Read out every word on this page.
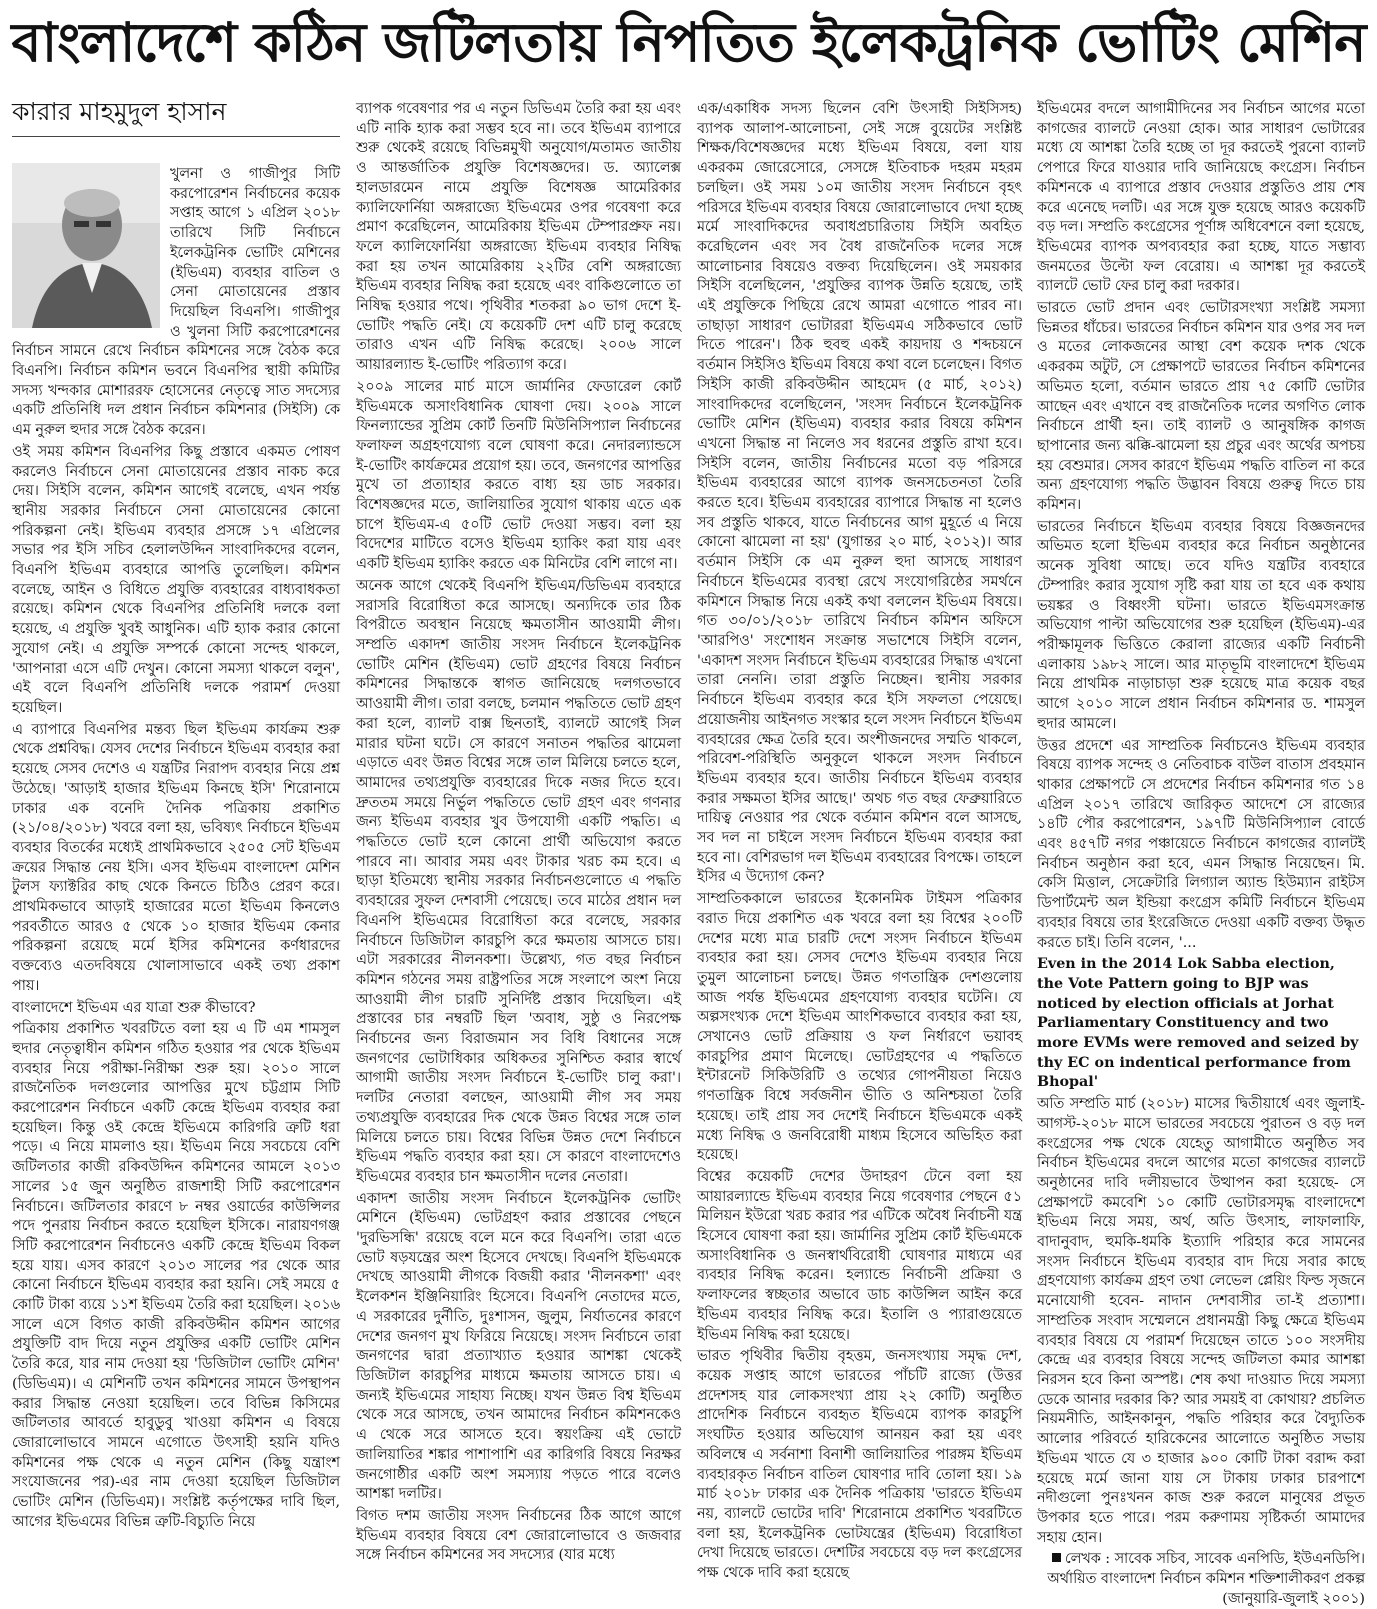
বাংলাদেশে কঠিন জটিলতায় নিপতিত ইলেকট্রনিক ভোটিং মেশিন
কারার মাহমুদুল হাসান

খুলনা ও গাজীপুর সিটি করপোরেশন নির্বাচনের কয়েক সপ্তাহ আগে ১ এপ্রিল ২০১৮ তারিখে সিটি নির্বাচনে ইলেকট্রনিক ভোটিং মেশিনের (ইভিএম) ব্যবহার বাতিল ও সেনা মোতায়েনের প্রস্তাব দিয়েছিল বিএনপি। গাজীপুর ও খুলনা সিটি করপোরেশনের নির্বাচন সামনে রেখে নির্বাচন কমিশনের সঙ্গে বৈঠক করে বিএনপি। নির্বাচন কমিশন ভবনে বিএনপির স্থায়ী কমিটির সদস্য খন্দকার মোশাররফ হোসেনের নেতৃত্বে সাত সদস্যের একটি প্রতিনিধি দল প্রধান নির্বাচন কমিশনার (সিইসি) কে এম নুরুল হুদার সঙ্গে বৈঠক করেন।

ওই সময় কমিশন বিএনপির কিছু প্রস্তাবে একমত পোষণ করলেও নির্বাচনে সেনা মোতায়েনের প্রস্তাব নাকচ করে দেয়। সিইসি বলেন, কমিশন আগেই বলেছে, এখন পর্যন্ত স্থানীয় সরকার নির্বাচনে সেনা মোতায়েনের কোনো পরিকল্পনা নেই। ইভিএম ব্যবহার প্রসঙ্গে ১৭ এপ্রিলের সভার পর ইসি সচিব হেলালউদ্দিন সাংবাদিকদের বলেন, বিএনপি ইভিএম ব্যবহারে আপত্তি তুলেছিল। কমিশন বলেছে, আইন ও বিধিতে প্রযুক্তি ব্যবহারের বাধ্যবাধকতা রয়েছে। কমিশন থেকে বিএনপির প্রতিনিধি দলকে বলা হয়েছে, এ প্রযুক্তি খুবই আধুনিক। এটি হ্যাক করার কোনো সুযোগ নেই। এ প্রযুক্তি সম্পর্কে কোনো সন্দেহ থাকলে, 'আপনারা এসে এটি দেখুন। কোনো সমস্যা থাকলে বলুন', এই বলে বিএনপি প্রতিনিধি দলকে পরামর্শ দেওয়া হয়েছিল।

এ ব্যাপারে বিএনপির মন্তব্য ছিল ইভিএম কার্যক্রম শুরু থেকে প্রশ্নবিদ্ধ। যেসব দেশের নির্বাচনে ইভিএম ব্যবহার করা হয়েছে সেসব দেশেও এ যন্ত্রটির নিরাপদ ব্যবহার নিয়ে প্রশ্ন উঠেছে। 'আড়াই হাজার ইভিএম কিনছে ইসি' শিরোনামে ঢাকার এক বনেদি দৈনিক পত্রিকায় প্রকাশিত (২১/০৪/২০১৮) খবরে বলা হয়, ভবিষ্যৎ নির্বাচনে ইভিএম ব্যবহার বিতর্কের মধ্যেই প্রাথমিকভাবে ২৫০৫ সেট ইভিএম ক্রয়ের সিদ্ধান্ত নেয় ইসি। এসব ইভিএম বাংলাদেশ মেশিন টুলস ফ্যাক্টরির কাছ থেকে কিনতে চিঠিও প্রেরণ করে। প্রাথমিকভাবে আড়াই হাজারের মতো ইভিএম কিনলেও পরবর্তীতে আরও ৫ থেকে ১০ হাজার ইভিএম কেনার পরিকল্পনা রয়েছে মর্মে ইসির কমিশনের কর্ণধারদের বক্তব্যেও এতদবিষয়ে খোলাসাভাবে একই তথ্য প্রকাশ পায়।

বাংলাদেশে ইভিএম এর যাত্রা শুরু কীভাবে?

পত্রিকায় প্রকাশিত খবরটিতে বলা হয় এ টি এম শামসুল হুদার নেতৃত্বাধীন কমিশন গঠিত হওয়ার পর থেকে ইভিএম ব্যবহার নিয়ে পরীক্ষা-নিরীক্ষা শুরু হয়। ২০১০ সালে রাজনৈতিক দলগুলোর আপত্তির মুখে চট্টগ্রাম সিটি করপোরেশন নির্বাচনে একটি কেন্দ্রে ইভিএম ব্যবহার করা হয়েছিল। কিন্তু ওই কেন্দ্রে ইভিএমে কারিগরি ত্রুটি ধরা পড়ে। এ নিয়ে মামলাও হয়। ইভিএম নিয়ে সবচেয়ে বেশি জটিলতার কাজী রকিবউদ্দিন কমিশনের আমলে ২০১৩ সালের ১৫ জুন অনুষ্ঠিত রাজশাহী সিটি করপোরেশন নির্বাচনে। জটিলতার কারণে ৮ নম্বর ওয়ার্ডের কাউন্সিলর পদে পুনরায় নির্বাচন করতে হয়েছিল ইসিকে। নারায়ণগঞ্জ সিটি করপোরেশন নির্বাচনেও একটি কেন্দ্রে ইভিএম বিকল হয়ে যায়। এসব কারণে ২০১৩ সালের পর থেকে আর কোনো নির্বাচনে ইভিএম ব্যবহার করা হয়নি। সেই সময়ে ৫ কোটি টাকা ব্যয়ে ১১শ ইভিএম তৈরি করা হয়েছিল। ২০১৬ সালে এসে বিগত কাজী রকিবউদ্দীন কমিশন আগের প্রযুক্তিটি বাদ দিয়ে নতুন প্রযুক্তির একটি ভোটিং মেশিন তৈরি করে, যার নাম দেওয়া হয় 'ডিজিটাল ভোটিং মেশিন' (ডিভিএম)। এ মেশিনটি তখন কমিশনের সামনে উপস্থাপন করার সিদ্ধান্ত নেওয়া হয়েছিল। তবে বিভিন্ন কিসিমের জটিলতার আবর্তে হাবুডুবু খাওয়া কমিশন এ বিষয়ে জোরালোভাবে সামনে এগোতে উৎসাহী হয়নি যদিও কমিশনের পক্ষ থেকে এ নতুন মেশিন (কিছু যন্ত্রাংশ সংযোজনের পর)-এর নাম দেওয়া হয়েছিল ডিজিটাল ভোটিং মেশিন (ডিভিএম)। সংশ্লিষ্ট কর্তৃপক্ষের দাবি ছিল, আগের ইভিএমের বিভিন্ন ত্রুটি-বিচ্যুতি নিয়ে

ব্যাপক গবেষণার পর এ নতুন ডিভিএম তৈরি করা হয় এবং এটি নাকি হ্যাক করা সম্ভব হবে না। তবে ইভিএম ব্যাপারে শুরু থেকেই রয়েছে বিভিন্নমুখী অনুযোগ/মতামত জাতীয় ও আন্তর্জাতিক প্রযুক্তি বিশেষজ্ঞদের। ড. অ্যালেক্স হালডারমেন নামে প্রযুক্তি বিশেষজ্ঞ আমেরিকার ক্যালিফোর্নিয়া অঙ্গরাজ্যে ইভিএমের ওপর গবেষণা করে প্রমাণ করেছিলেন, আমেরিকায় ইভিএম টেম্পারপ্রুফ নয়। ফলে ক্যালিফোর্নিয়া অঙ্গরাজ্যে ইভিএম ব্যবহার নিষিদ্ধ করা হয় তখন আমেরিকায় ২২টির বেশি অঙ্গরাজ্যে ইভিএম ব্যবহার নিষিদ্ধ করা হয়েছে এবং বাকিগুলোতে তা নিষিদ্ধ হওয়ার পথে। পৃথিবীর শতকরা ৯০ ভাগ দেশে ই-ভোটিং পদ্ধতি নেই। যে কয়েকটি দেশ এটি চালু করেছে তারাও এখন এটি নিষিদ্ধ করেছে। ২০০৬ সালে আয়ারল্যান্ড ই-ভোটিং পরিত্যাগ করে।

২০০৯ সালের মার্চ মাসে জার্মানির ফেডারেল কোর্ট ইভিএমকে অসাংবিধানিক ঘোষণা দেয়। ২০০৯ সালে ফিনল্যান্ডের সুপ্রিম কোর্ট তিনটি মিউনিসিপ্যাল নির্বাচনের ফলাফল অগ্রহণযোগ্য বলে ঘোষণা করে। নেদারল্যান্ডসে ই-ভোটিং কার্যক্রমের প্রয়োগ হয়। তবে, জনগণের আপত্তির মুখে তা প্রত্যাহার করতে বাধ্য হয় ডাচ সরকার। বিশেষজ্ঞদের মতে, জালিয়াতির সুযোগ থাকায় এতে এক চাপে ইভিএম-এ ৫০টি ভোট দেওয়া সম্ভব। বলা হয় বিদেশের মাটিতে বসেও ইভিএম হ্যাকিং করা যায় এবং একটি ইভিএম হ্যাকিং করতে এক মিনিটের বেশি লাগে না।

অনেক আগে থেকেই বিএনপি ইভিএম/ডিভিএম ব্যবহারে সরাসরি বিরোধিতা করে আসছে। অন্যদিকে তার ঠিক বিপরীতে অবস্থান নিয়েছে ক্ষমতাসীন আওয়ামী লীগ। সম্প্রতি একাদশ জাতীয় সংসদ নির্বাচনে ইলেকট্রনিক ভোটিং মেশিন (ইভিএম) ভোট গ্রহণের বিষয়ে নির্বাচন কমিশনের সিদ্ধান্তকে স্বাগত জানিয়েছে দলগতভাবে আওয়ামী লীগ। তারা বলছে, চলমান পদ্ধতিতে ভোট গ্রহণ করা হলে, ব্যালট বাক্স ছিনতাই, ব্যালটে আগেই সিল মারার ঘটনা ঘটে। সে কারণে সনাতন পদ্ধতির ঝামেলা এড়াতে এবং উন্নত বিশ্বের সঙ্গে তাল মিলিয়ে চলতে হলে, আমাদের তথ্যপ্রযুক্তি ব্যবহারের দিকে নজর দিতে হবে। দ্রুততম সময়ে নির্ভুল পদ্ধতিতে ভোট গ্রহণ এবং গণনার জন্য ইভিএম ব্যবহার খুব উপযোগী একটি পদ্ধতি। এ পদ্ধতিতে ভোট হলে কোনো প্রার্থী অভিযোগ করতে পারবে না। আবার সময় এবং টাকার খরচ কম হবে। এ ছাড়া ইতিমধ্যে স্থানীয় সরকার নির্বাচনগুলোতে এ পদ্ধতি ব্যবহারের সুফল দেশবাসী পেয়েছে। তবে মাঠের প্রধান দল বিএনপি ইভিএমের বিরোধিতা করে বলেছে, সরকার নির্বাচনে ডিজিটাল কারচুপি করে ক্ষমতায় আসতে চায়। এটা সরকারের নীলনকশা। উল্লেখ্য, গত বছর নির্বাচন কমিশন গঠনের সময় রাষ্ট্রপতির সঙ্গে সংলাপে অংশ নিয়ে আওয়ামী লীগ চারটি সুনির্দিষ্ট প্রস্তাব দিয়েছিল। এই প্রস্তাবের চার নম্বরটি ছিল 'অবাধ, সুষ্ঠু ও নিরপেক্ষ নির্বাচনের জন্য বিরাজমান সব বিধি বিধানের সঙ্গে জনগণের ভোটাধিকার অধিকতর সুনিশ্চিত করার স্বার্থে আগামী জাতীয় সংসদ নির্বাচনে ই-ভোটিং চালু করা'। দলটির নেতারা বলছেন, আওয়ামী লীগ সব সময় তথ্যপ্রযুক্তি ব্যবহারের দিক থেকে উন্নত বিশ্বের সঙ্গে তাল মিলিয়ে চলতে চায়। বিশ্বের বিভিন্ন উন্নত দেশে নির্বাচনে ইভিএম পদ্ধতি ব্যবহার করা হয়। সে কারণে বাংলাদেশেও ইভিএমের ব্যবহার চান ক্ষমতাসীন দলের নেতারা।

একাদশ জাতীয় সংসদ নির্বাচনে ইলেকট্রনিক ভোটিং মেশিনে (ইভিএম) ভোটগ্রহণ করার প্রস্তাবের পেছনে 'দুরভিসন্ধি' রয়েছে বলে মনে করে বিএনপি। তারা এতে ভোট ষড়যন্ত্রের অংশ হিসেবে দেখছে। বিএনপি ইভিএমকে দেখছে আওয়ামী লীগকে বিজয়ী করার 'নীলনকশা' এবং ইলেকশন ইঞ্জিনিয়ারিং হিসেবে। বিএনপি নেতাদের মতে, এ সরকারের দুর্নীতি, দুঃশাসন, জুলুম, নির্যাতনের কারণে দেশের জনগণ মুখ ফিরিয়ে নিয়েছে। সংসদ নির্বাচনে তারা জনগণের দ্বারা প্রত্যাখ্যাত হওয়ার আশঙ্কা থেকেই ডিজিটাল কারচুপির মাধ্যমে ক্ষমতায় আসতে চায়। এ জন্যই ইভিএমের সাহায্য নিচ্ছে। যখন উন্নত বিশ্ব ইভিএম থেকে সরে আসছে, তখন আমাদের নির্বাচন কমিশনকেও এ থেকে সরে আসতে হবে। স্বয়ংক্রিয় এই ভোটে জালিয়াতির শঙ্কার পাশাপাশি এর কারিগরি বিষয়ে নিরক্ষর জনগোষ্ঠীর একটি অংশ সমস্যায় পড়তে পারে বলেও আশঙ্কা দলটির।

বিগত দশম জাতীয় সংসদ নির্বাচনের ঠিক আগে আগে ইভিএম ব্যবহার বিষয়ে বেশ জোরালোভাবে ও জজবার সঙ্গে নির্বাচন কমিশনের সব সদস্যের (যার মধ্যে

এক/একাধিক সদস্য ছিলেন বেশি উৎসাহী সিইসিসহ) ব্যাপক আলাপ-আলোচনা, সেই সঙ্গে বুয়েটের সংশ্লিষ্ট শিক্ষক/বিশেষজ্ঞদের মধ্যে ইভিএম বিষয়ে, বলা যায় একরকম জোরেসোরে, সেসঙ্গে ইতিবাচক দহরম মহরম চলছিল। ওই সময় ১০ম জাতীয় সংসদ নির্বাচনে বৃহৎ পরিসরে ইভিএম ব্যবহার বিষয়ে জোরালোভাবে দেখা হচ্ছে মর্মে সাংবাদিকদের অবাধপ্রচারিতায় সিইসি অবহিত করেছিলেন এবং সব বৈধ রাজনৈতিক দলের সঙ্গে আলোচনার বিষয়েও বক্তব্য দিয়েছিলেন। ওই সময়কার সিইসি বলেছিলেন, 'প্রযুক্তির ব্যাপক উন্নতি হয়েছে, তাই এই প্রযুক্তিকে পিছিয়ে রেখে আমরা এগোতে পারব না। তাছাড়া সাধারণ ভোটাররা ইভিএমএ সঠিকভাবে ভোট দিতে পারেন'। ঠিক হুবহু একই কায়দায় ও শব্দচয়নে বর্তমান সিইসিও ইভিএম বিষয়ে কথা বলে চলেছেন। বিগত সিইসি কাজী রকিবউদ্দীন আহমেদ (৫ মার্চ, ২০১২) সাংবাদিকদের বলেছিলেন, 'সংসদ নির্বাচনে ইলেকট্রনিক ভোটিং মেশিন (ইভিএম) ব্যবহার করার বিষয়ে কমিশন এখনো সিদ্ধান্ত না নিলেও সব ধরনের প্রস্তুতি রাখা হবে। সিইসি বলেন, জাতীয় নির্বাচনের মতো বড় পরিসরে ইভিএম ব্যবহারের আগে ব্যাপক জনসচেতনতা তৈরি করতে হবে। ইভিএম ব্যবহারের ব্যাপারে সিদ্ধান্ত না হলেও সব প্রস্তুতি থাকবে, যাতে নির্বাচনের আগ মুহূর্তে এ নিয়ে কোনো ঝামেলা না হয়' (যুগান্তর ২০ মার্চ, ২০১২)। আর বর্তমান সিইসি কে এম নুরুল হুদা আসছে সাধারণ নির্বাচনে ইভিএমের ব্যবস্থা রেখে সংযোগরিষ্ঠের সমর্থনে কমিশনে সিদ্ধান্ত নিয়ে একই কথা বললেন ইভিএম বিষয়ে। গত ৩০/০১/২০১৮ তারিখে নির্বাচন কমিশন অফিসে 'আরপিও' সংশোধন সংক্রান্ত সভাশেষে সিইসি বলেন, 'একাদশ সংসদ নির্বাচনে ইভিএম ব্যবহারের সিদ্ধান্ত এখনো তারা নেননি। তারা প্রস্তুতি নিচ্ছেন। স্থানীয় সরকার নির্বাচনে ইভিএম ব্যবহার করে ইসি সফলতা পেয়েছে। প্রয়োজনীয় আইনগত সংস্কার হলে সংসদ নির্বাচনে ইভিএম ব্যবহারের ক্ষেত্র তৈরি হবে। অংশীজনদের সম্মতি থাকলে, পরিবেশ-পরিস্থিতি অনুকূলে থাকলে সংসদ নির্বাচনে ইভিএম ব্যবহার হবে। জাতীয় নির্বাচনে ইভিএম ব্যবহার করার সক্ষমতা ইসির আছে।' অথচ গত বছর ফেব্রুয়ারিতে দায়িত্ব নেওয়ার পর থেকে বর্তমান কমিশন বলে আসছে, সব দল না চাইলে সংসদ নির্বাচনে ইভিএম ব্যবহার করা হবে না। বেশিরভাগ দল ইভিএম ব্যবহারের বিপক্ষে। তাহলে ইসির এ উদ্যোগ কেন?

সাম্প্রতিককালে ভারতের ইকোনমিক টাইমস পত্রিকার বরাত দিয়ে প্রকাশিত এক খবরে বলা হয় বিশ্বের ২০০টি দেশের মধ্যে মাত্র চারটি দেশে সংসদ নির্বাচনে ইভিএম ব্যবহার করা হয়। সেসব দেশেও ইভিএম ব্যবহার নিয়ে তুমুল আলোচনা চলছে। উন্নত গণতান্ত্রিক দেশগুলোয় আজ পর্যন্ত ইভিএমের গ্রহণযোগ্য ব্যবহার ঘটেনি। যে অল্পসংখ্যক দেশে ইভিএম আংশিকভাবে ব্যবহার করা হয়, সেখানেও ভোট প্রক্রিয়ায় ও ফল নির্ধারণে ভয়াবহ কারচুপির প্রমাণ মিলেছে। ভোটগ্রহণের এ পদ্ধতিতে ইন্টারনেট সিকিউরিটি ও তথ্যের গোপনীয়তা নিয়েও গণতান্ত্রিক বিশ্বে সর্বজনীন ভীতি ও অনিশ্চয়তা তৈরি হয়েছে। তাই প্রায় সব দেশেই নির্বাচনে ইভিএমকে একই মধ্যে নিষিদ্ধ ও জনবিরোধী মাধ্যম হিসেবে অভিহিত করা হয়েছে।

বিশ্বের কয়েকটি দেশের উদাহরণ টেনে বলা হয় আয়ারল্যান্ডে ইভিএম ব্যবহার নিয়ে গবেষণার পেছনে ৫১ মিলিয়ন ইউরো খরচ করার পর এটিকে অবৈধ নির্বাচনী যন্ত্র হিসেবে ঘোষণা করা হয়। জার্মানির সুপ্রিম কোর্ট ইভিএমকে অসাংবিধানিক ও জনস্বার্থবিরোধী ঘোষণার মাধ্যমে এর ব্যবহার নিষিদ্ধ করেন। হল্যান্ডে নির্বাচনী প্রক্রিয়া ও ফলাফলের স্বচ্ছতার অভাবে ডাচ কাউন্সিল আইন করে ইভিএম ব্যবহার নিষিদ্ধ করে। ইতালি ও প্যারাগুয়েতে ইভিএম নিষিদ্ধ করা হয়েছে।

ভারত পৃথিবীর দ্বিতীয় বৃহত্তম, জনসংখ্যায় সমৃদ্ধ দেশ, কয়েক সপ্তাহ আগে ভারতের পাঁচটি রাজ্যে (উত্তর প্রদেশসহ যার লোকসংখ্যা প্রায় ২২ কোটি) অনুষ্ঠিত প্রাদেশিক নির্বাচনে ব্যবহৃত ইভিএমে ব্যাপক কারচুপি সংঘটিত হওয়ার অভিযোগ আনয়ন করা হয় এবং অবিলম্বে এ সর্বনাশা বিনাশী জালিয়াতির পারঙ্গম ইভিএম ব্যবহারকৃত নির্বাচন বাতিল ঘোষণার দাবি তোলা হয়। ১৯ মার্চ ২০১৮ ঢাকার এক দৈনিক পত্রিকায় 'ভারতে ইভিএম নয়, ব্যালটে ভোটের দাবি' শিরোনামে প্রকাশিত খবরটিতে বলা হয়, ইলেকট্রনিক ভোটযন্ত্রের (ইভিএম) বিরোধিতা দেখা দিয়েছে ভারতে। দেশটির সবচেয়ে বড় দল কংগ্রেসের পক্ষ থেকে দাবি করা হয়েছে

ইভিএমের বদলে আগামীদিনের সব নির্বাচন আগের মতো কাগজের ব্যালটে নেওয়া হোক। আর সাধারণ ভোটারের মধ্যে যে আশঙ্কা তৈরি হচ্ছে তা দূর করতেই পুরনো ব্যালট পেপারে ফিরে যাওয়ার দাবি জানিয়েছে কংগ্রেস। নির্বাচন কমিশনকে এ ব্যাপারে প্রস্তাব দেওয়ার প্রস্তুতিও প্রায় শেষ করে এনেছে দলটি। এর সঙ্গে যুক্ত হয়েছে আরও কয়েকটি বড় দল। সম্প্রতি কংগ্রেসের পূর্ণাঙ্গ অধিবেশনে বলা হয়েছে, ইভিএমের ব্যাপক অপব্যবহার করা হচ্ছে, যাতে সম্ভাব্য জনমতের উল্টো ফল বেরোয়। এ আশঙ্কা দূর করতেই ব্যালটে ভোট ফের চালু করা দরকার।

ভারতে ভোট প্রদান এবং ভোটারসংখ্যা সংশ্লিষ্ট সমস্যা ভিন্নতর ধাঁচের। ভারতের নির্বাচন কমিশন যার ওপর সব দল ও মতের লোকজনের আস্থা বেশ কয়েক দশক থেকে একরকম অটুট, সে প্রেক্ষাপটে ভারতের নির্বাচন কমিশনের অভিমত হলো, বর্তমান ভারতে প্রায় ৭৫ কোটি ভোটার আছেন এবং এখানে বহু রাজনৈতিক দলের অগণিত লোক নির্বাচনে প্রার্থী হন। তাই ব্যালট ও আনুষঙ্গিক কাগজ ছাপানোর জন্য ঝক্কি-ঝামেলা হয় প্রচুর এবং অর্থের অপচয় হয় বেশুমার। সেসব কারণে ইভিএম পদ্ধতি বাতিল না করে অন্য গ্রহণযোগ্য পদ্ধতি উদ্ভাবন বিষয়ে গুরুত্ব দিতে চায় কমিশন।

ভারতের নির্বাচনে ইভিএম ব্যবহার বিষয়ে বিজ্ঞজনদের অভিমত হলো ইভিএম ব্যবহার করে নির্বাচন অনুষ্ঠানের অনেক সুবিধা আছে। তবে যদিও যন্ত্রটির ব্যবহারে টেম্পারিং করার সুযোগ সৃষ্টি করা যায় তা হবে এক কথায় ভয়ঙ্কর ও বিধ্বংসী ঘটনা। ভারতে ইভিএমসংক্রান্ত অভিযোগ পাল্টা অভিযোগের শুরু হয়েছিল (ইভিএম)-এর পরীক্ষামূলক ভিত্তিতে কেরালা রাজ্যের একটি নির্বাচনী এলাকায় ১৯৮২ সালে। আর মাতৃভূমি বাংলাদেশে ইভিএম নিয়ে প্রাথমিক নাড়াচাড়া শুরু হয়েছে মাত্র কয়েক বছর আগে ২০১০ সালে প্রধান নির্বাচন কমিশনার ড. শামসুল হুদার আমলে।

উত্তর প্রদেশে এর সাম্প্রতিক নির্বাচনেও ইভিএম ব্যবহার বিষয়ে ব্যাপক সন্দেহ ও নেতিবাচক বাউল বাতাস প্রবহমান থাকার প্রেক্ষাপটে সে প্রদেশের নির্বাচন কমিশনার গত ১৪ এপ্রিল ২০১৭ তারিখে জারিকৃত আদেশে সে রাজ্যের ১৪টি পৌর করপোরেশন, ১৯৭টি মিউনিসিপ্যাল বোর্ডে এবং ৪৫৭টি নগর পঞ্চায়েতে নির্বাচনে কাগজের ব্যালটই নির্বাচন অনুষ্ঠান করা হবে, এমন সিদ্ধান্ত নিয়েছেন। মি. কেসি মিত্তাল, সেক্রেটারি লিগ্যাল অ্যান্ড হিউম্যান রাইটস ডিপার্টমেন্ট অল ইন্ডিয়া কংগ্রেস কমিটি নির্বাচনে ইভিএম ব্যবহার বিষয়ে তার ইংরেজিতে দেওয়া একটি বক্তব্য উদ্ধৃত করতে চাই। তিনি বলেন, '...

Even in the 2014 Lok Sabba election, the Vote Pattern going to BJP was noticed by election officials at Jorhat Parliamentary Constituency and two more EVMs were removed and seized by thy EC on indentical performance from Bhopal'

অতি সম্প্রতি মার্চ (২০১৮) মাসের দ্বিতীয়ার্ধে এবং জুলাই-আগস্ট-২০১৮ মাসে ভারতের সবচেয়ে পুরাতন ও বড় দল কংগ্রেসের পক্ষ থেকে যেহেতু আগামীতে অনুষ্ঠিত সব নির্বাচন ইভিএমের বদলে আগের মতো কাগজের ব্যালটে অনুষ্ঠানের দাবি দলীয়ভাবে উত্থাপন করা হয়েছে- সে প্রেক্ষাপটে কমবেশি ১০ কোটি ভোটারসমৃদ্ধ বাংলাদেশে ইভিএম নিয়ে সময়, অর্থ, অতি উৎসাহ, লাফালাফি, বাদানুবাদ, হুমকি-ধমকি ইত্যাদি পরিহার করে সামনের সংসদ নির্বাচনে ইভিএম ব্যবহার বাদ দিয়ে সবার কাছে গ্রহণযোগ্য কার্যক্রম গ্রহণ তথা লেভেল প্লেয়িং ফিল্ড সৃজনে মনোযোগী হবেন- নাদান দেশবাসীর তা-ই প্রত্যাশা। সাম্প্রতিক সংবাদ সম্মেলনে প্রধানমন্ত্রী কিছু ক্ষেত্রে ইভিএম ব্যবহার বিষয়ে যে পরামর্শ দিয়েছেন তাতে ১০০ সংসদীয় কেন্দ্রে এর ব্যবহার বিষয়ে সন্দেহ জটিলতা কমার আশঙ্কা নিরসন হবে কিনা অস্পষ্ট। শেষ কথা দাওয়াত দিয়ে সমস্যা ডেকে আনার দরকার কি? আর সময়ই বা কোথায়? প্রচলিত নিয়মনীতি, আইনকানুন, পদ্ধতি পরিহার করে বৈদ্যুতিক আলোর পরিবর্তে হারিকেনের আলোতে অনুষ্ঠিত সভায় ইভিএম খাতে যে ৩ হাজার ৯০০ কোটি টাকা বরাদ্দ করা হয়েছে মর্মে জানা যায় সে টাকায় ঢাকার চারপাশে নদীগুলো পুনঃখনন কাজ শুরু করলে মানুষের প্রভূত উপকার হতে পারে। পরম করুণাময় সৃষ্টিকর্তা আমাদের সহায় হোন।

লেখক : সাবেক সচিব, সাবেক এনপিডি, ইউএনডিপি। অর্থায়িত বাংলাদেশ নির্বাচন কমিশন শক্তিশালীকরণ প্রকল্প (জানুয়ারি-জুলাই ২০০১)
